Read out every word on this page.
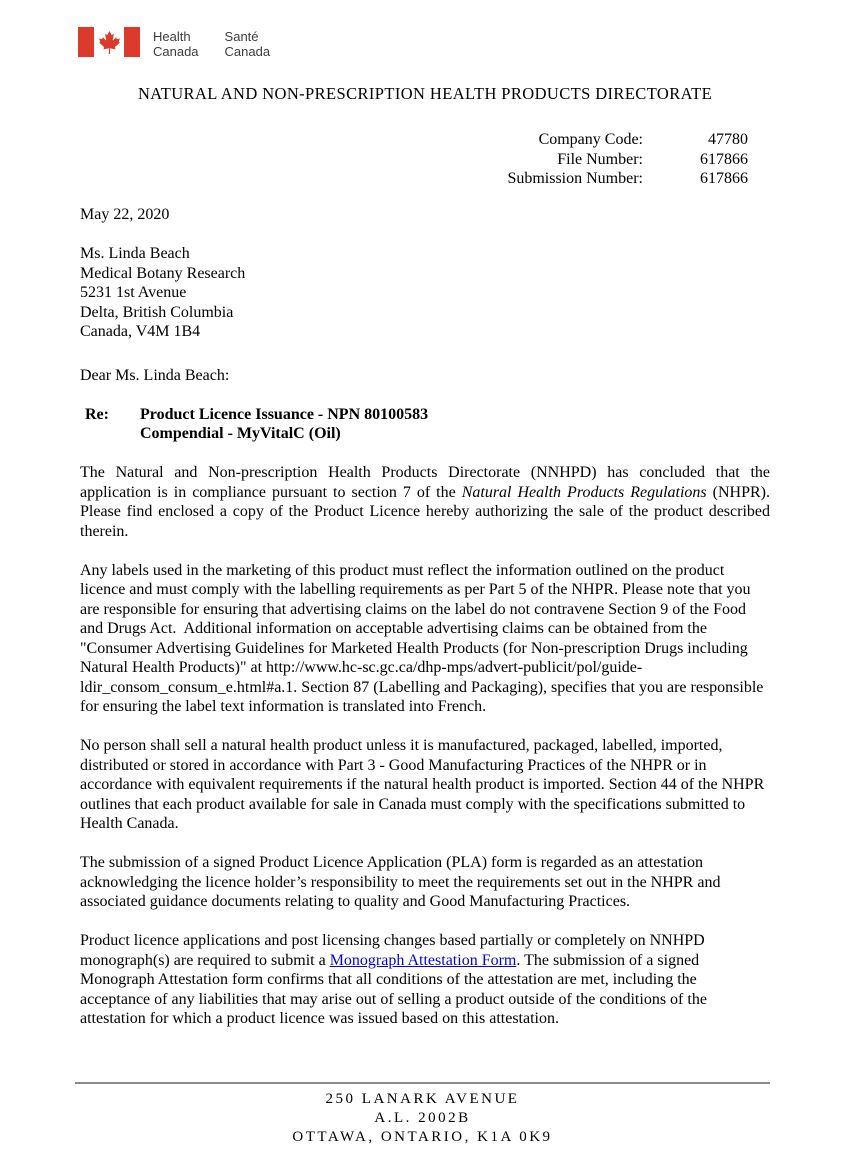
Health
Canada
Santé
Canada
NATURAL AND NON-PRESCRIPTION HEALTH PRODUCTS DIRECTORATE
Company Code:	47780
File Number:	617866
Submission Number:	617866
May 22, 2020
Ms. Linda Beach
Medical Botany Research
5231 1st Avenue
Delta, British Columbia
Canada, V4M 1B4
Dear Ms. Linda Beach:
Re:	Product Licence Issuance - NPN 80100583
Compendial - MyVitalC (Oil)

The Natural and Non-prescription Health Products Directorate (NNHPD) has concluded that the application is in compliance pursuant to section 7 of the Natural Health Products Regulations (NHPR). Please find enclosed a copy of the Product Licence hereby authorizing the sale of the product described therein.

Any labels used in the marketing of this product must reflect the information outlined on the product licence and must comply with the labelling requirements as per Part 5 of the NHPR. Please note that you are responsible for ensuring that advertising claims on the label do not contravene Section 9 of the Food and Drugs Act.  Additional information on acceptable advertising claims can be obtained from the "Consumer Advertising Guidelines for Marketed Health Products (for Non-prescription Drugs including Natural Health Products)" at http://www.hc-sc.gc.ca/dhp-mps/advert-publicit/pol/guide-ldir_consom_consum_e.html#a.1. Section 87 (Labelling and Packaging), specifies that you are responsible for ensuring the label text information is translated into French.

No person shall sell a natural health product unless it is manufactured, packaged, labelled, imported, distributed or stored in accordance with Part 3 - Good Manufacturing Practices of the NHPR or in accordance with equivalent requirements if the natural health product is imported. Section 44 of the NHPR outlines that each product available for sale in Canada must comply with the specifications submitted to Health Canada.

The submission of a signed Product Licence Application (PLA) form is regarded as an attestation acknowledging the licence holder’s responsibility to meet the requirements set out in the NHPR and associated guidance documents relating to quality and Good Manufacturing Practices.

Product licence applications and post licensing changes based partially or completely on NNHPD monograph(s) are required to submit a Monograph Attestation Form. The submission of a signed Monograph Attestation form confirms that all conditions of the attestation are met, including the acceptance of any liabilities that may arise out of selling a product outside of the conditions of the attestation for which a product licence was issued based on this attestation.

250 LANARK AVENUE
A.L. 2002B
OTTAWA, ONTARIO, K1A 0K9
